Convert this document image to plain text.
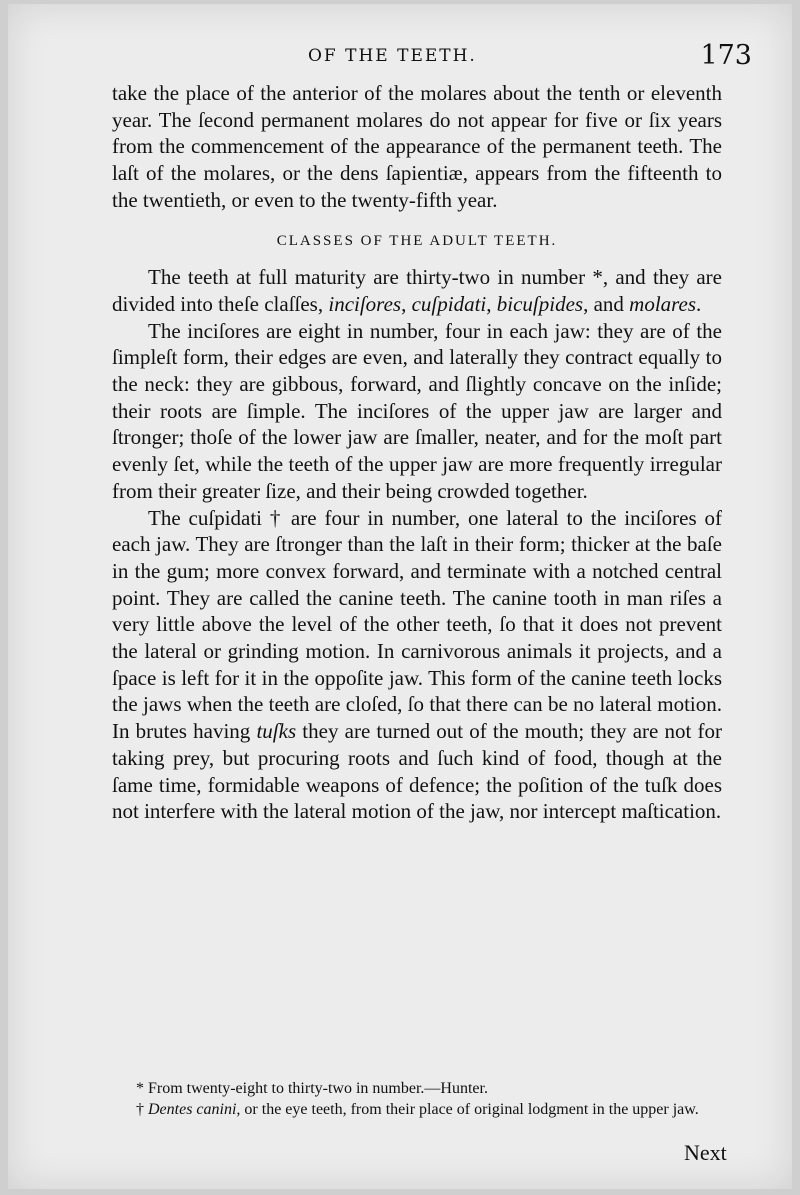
OF THE TEETH.	173

take the place of the anterior of the molares about the tenth or eleventh year. The ſecond permanent molares do not appear for five or ſix years from the commencement of the appearance of the permanent teeth. The laſt of the molares, or the dens ſapientiæ, appears from the fifteenth to the twentieth, or even to the twenty-fifth year.

CLASSES OF THE ADULT TEETH.

The teeth at full maturity are thirty-two in number *, and they are divided into theſe claſſes, inciſores, cuſpidati, bicuſpides, and molares.

The inciſores are eight in number, four in each jaw: they are of the ſimpleſt form, their edges are even, and laterally they contract equally to the neck: they are gibbous, forward, and ſlightly concave on the inſide; their roots are ſimple. The inciſores of the upper jaw are larger and ſtronger; thoſe of the lower jaw are ſmaller, neater, and for the moſt part evenly ſet, while the teeth of the upper jaw are more frequently irregular from their greater ſize, and their being crowded together.

The cuſpidati † are four in number, one lateral to the inciſores of each jaw. They are ſtronger than the laſt in their form; thicker at the baſe in the gum; more convex forward, and terminate with a notched central point. They are called the canine teeth. The canine tooth in man riſes a very little above the level of the other teeth, ſo that it does not prevent the lateral or grinding motion. In carnivorous animals it projects, and a ſpace is left for it in the oppoſite jaw. This form of the canine teeth locks the jaws when the teeth are cloſed, ſo that there can be no lateral motion. In brutes having tuſks they are turned out of the mouth; they are not for taking prey, but procuring roots and ſuch kind of food, though at the ſame time, formidable weapons of defence; the poſition of the tuſk does not interfere with the lateral motion of the jaw, nor intercept maſtication.

* From twenty-eight to thirty-two in number.—Hunter.

† Dentes canini, or the eye teeth, from their place of original lodgment in the upper jaw.

Next
